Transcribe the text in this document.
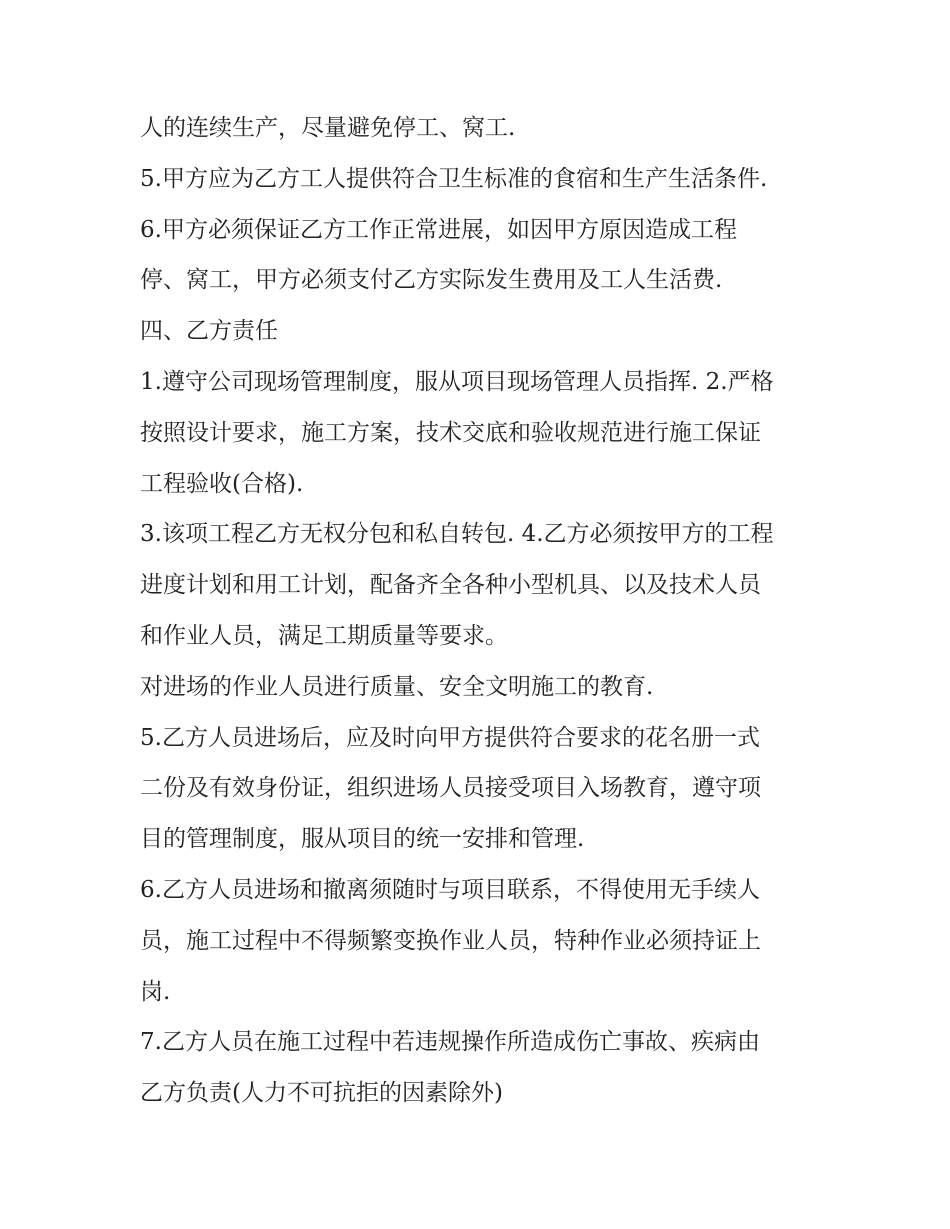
人的连续生产，尽量避免停工、窝工.
5.甲方应为乙方工人提供符合卫生标准的食宿和生产生活条件.
6.甲方必须保证乙方工作正常进展，如因甲方原因造成工程
停、窝工，甲方必须支付乙方实际发生费用及工人生活费.
四、乙方责任
1.遵守公司现场管理制度，服从项目现场管理人员指挥. 2.严格
按照设计要求，施工方案，技术交底和验收规范进行施工保证
工程验收(合格).
3.该项工程乙方无权分包和私自转包. 4.乙方必须按甲方的工程
进度计划和用工计划，配备齐全各种小型机具、以及技术人员
和作业人员，满足工期质量等要求。
对进场的作业人员进行质量、安全文明施工的教育.
5.乙方人员进场后，应及时向甲方提供符合要求的花名册一式
二份及有效身份证，组织进场人员接受项目入场教育，遵守项
目的管理制度，服从项目的统一安排和管理.
6.乙方人员进场和撤离须随时与项目联系，不得使用无手续人
员，施工过程中不得频繁变换作业人员，特种作业必须持证上
岗.
7.乙方人员在施工过程中若违规操作所造成伤亡事故、疾病由
乙方负责(人力不可抗拒的因素除外)
